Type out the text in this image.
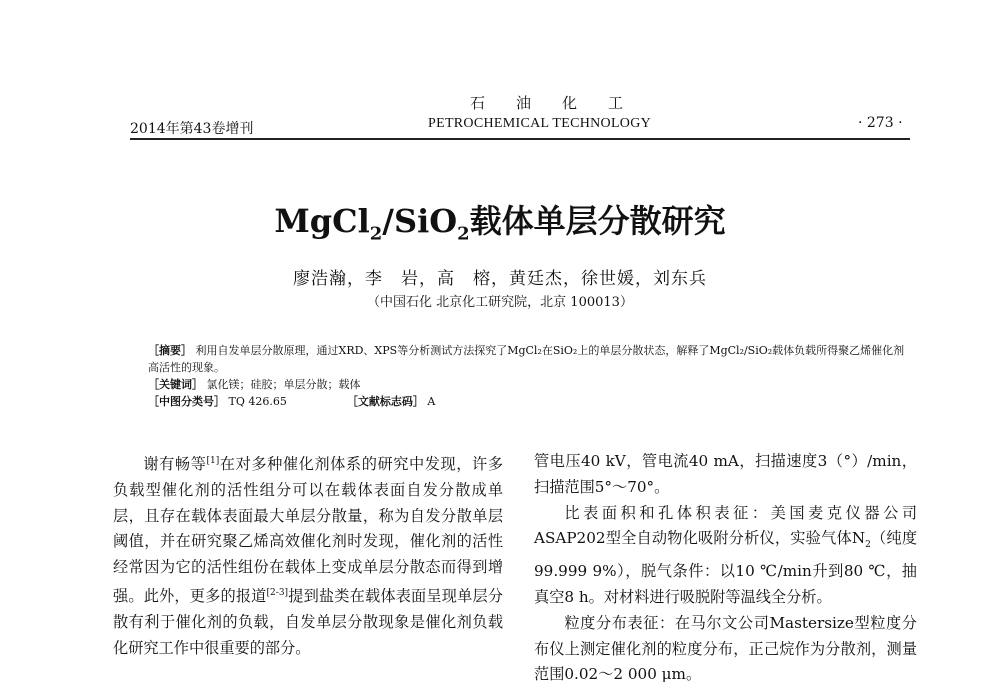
石 油 化 工
2014年第43卷增刊	PETROCHEMICAL TECHNOLOGY	· 273 ·
MgCl$_2$/SiO$_2$载体单层分散研究
廖浩瀚，李　岩，高　榕，黄廷杰，徐世媛，刘东兵
（中国石化 北京化工研究院，北京 100013）
［摘要］ 利用自发单层分散原理，通过XRD、XPS等分析测试方法探究了MgCl₂在SiO₂上的单层分散状态，解释了MgCl₂/SiO₂载体负载所得聚乙烯催化剂高活性的现象。
［关键词］ 氯化镁；硅胶；单层分散；载体
［中图分类号］ TQ 426.65	［文献标志码］ A

谢有畅等[1]在对多种催化剂体系的研究中发现，许多负载型催化剂的活性组分可以在载体表面自发分散成单层，且存在载体表面最大单层分散量，称为自发分散单层阈值，并在研究聚乙烯高效催化剂时发现，催化剂的活性经常因为它的活性组份在载体上变成单层分散态而得到增强。此外，更多的报道[2-3]提到盐类在载体表面呈现单层分散有利于催化剂的负载，自发单层分散现象是催化剂负载化研究工作中很重要的部分。

管电压40 kV，管电流40 mA，扫描速度3（°）/min，扫描范围5°～70°。

比表面积和孔体积表征：美国麦克仪器公司ASAP202型全自动物化吸附分析仪，实验气体$N_2$（纯度99.999 9%），脱气条件：以10 ℃/min升到80 ℃，抽真空8 h。对材料进行吸脱附等温线全分析。

粒度分布表征：在马尔文公司Mastersize型粒度分布仪上测定催化剂的粒度分布，正己烷作为分散剂，测量范围0.02～2 000 μm。
